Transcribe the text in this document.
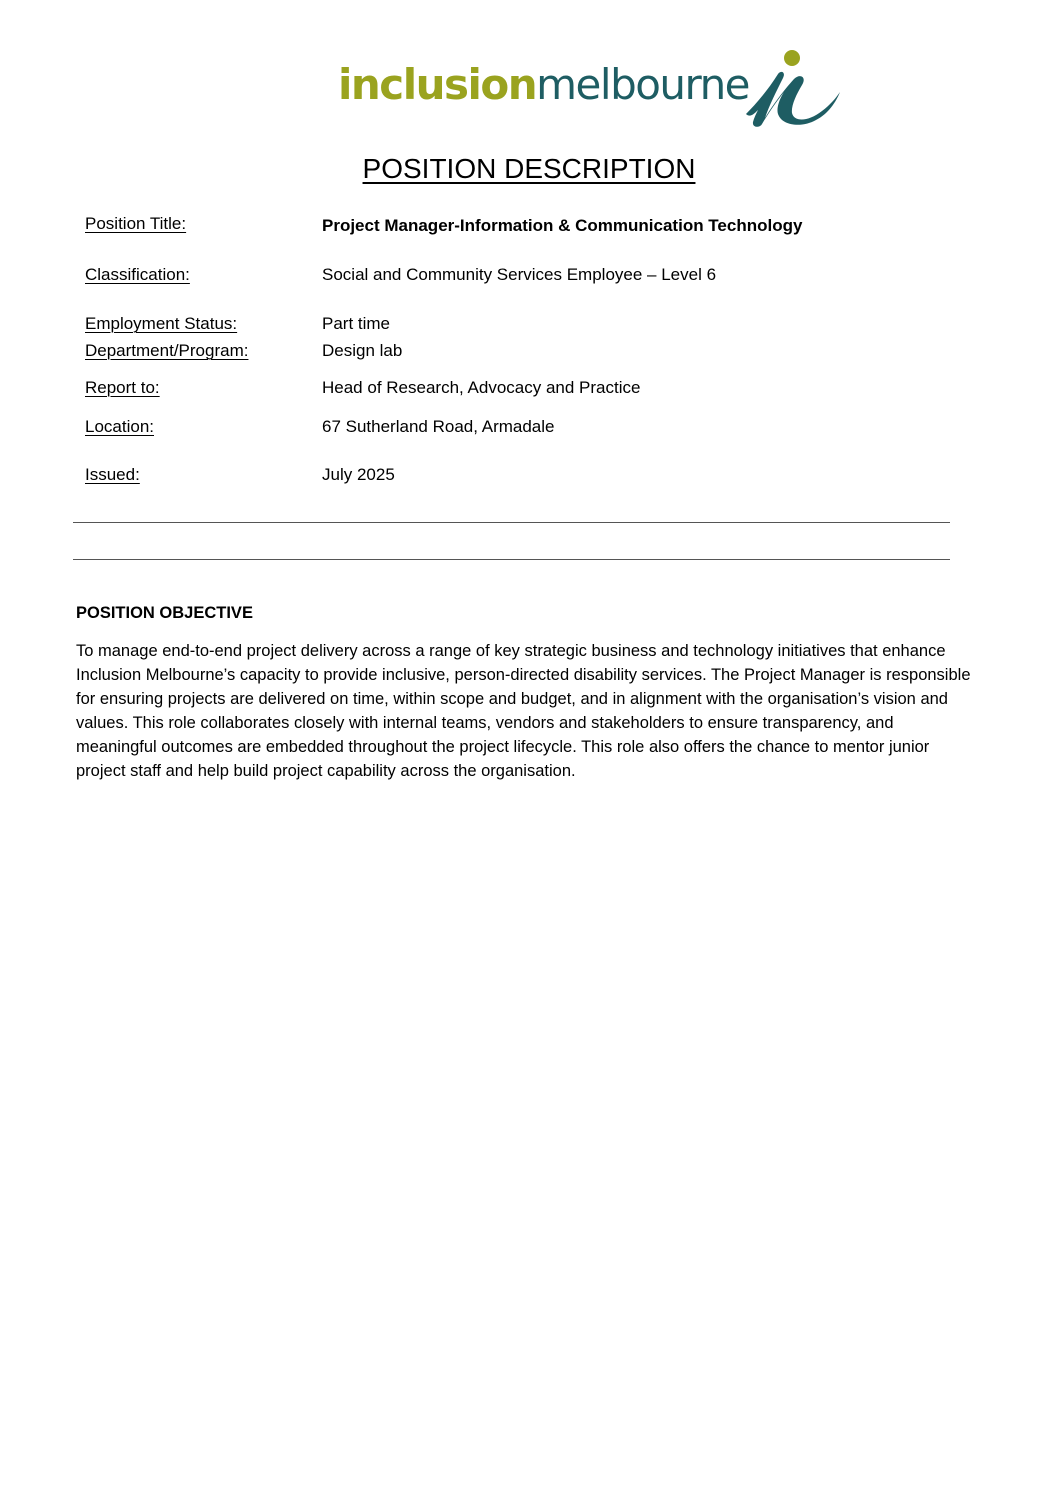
inclusionmelbourne
POSITION DESCRIPTION
Position Title:	Project Manager-Information & Communication Technology
Classification:	Social and Community Services Employee – Level 6
Employment Status:	Part time
Department/Program:	Design lab
Report to:	Head of Research, Advocacy and Practice
Location:	67 Sutherland Road, Armadale
Issued:	July 2025
POSITION OBJECTIVE
To manage end-to-end project delivery across a range of key strategic business and technology initiatives that enhance Inclusion Melbourne’s capacity to provide inclusive, person-directed disability services. The Project Manager is responsible for ensuring projects are delivered on time, within scope and budget, and in alignment with the organisation’s vision and values. This role collaborates closely with internal teams, vendors and stakeholders to ensure transparency, and meaningful outcomes are embedded throughout the project lifecycle. This role also offers the chance to mentor junior project staff and help build project capability across the organisation.
